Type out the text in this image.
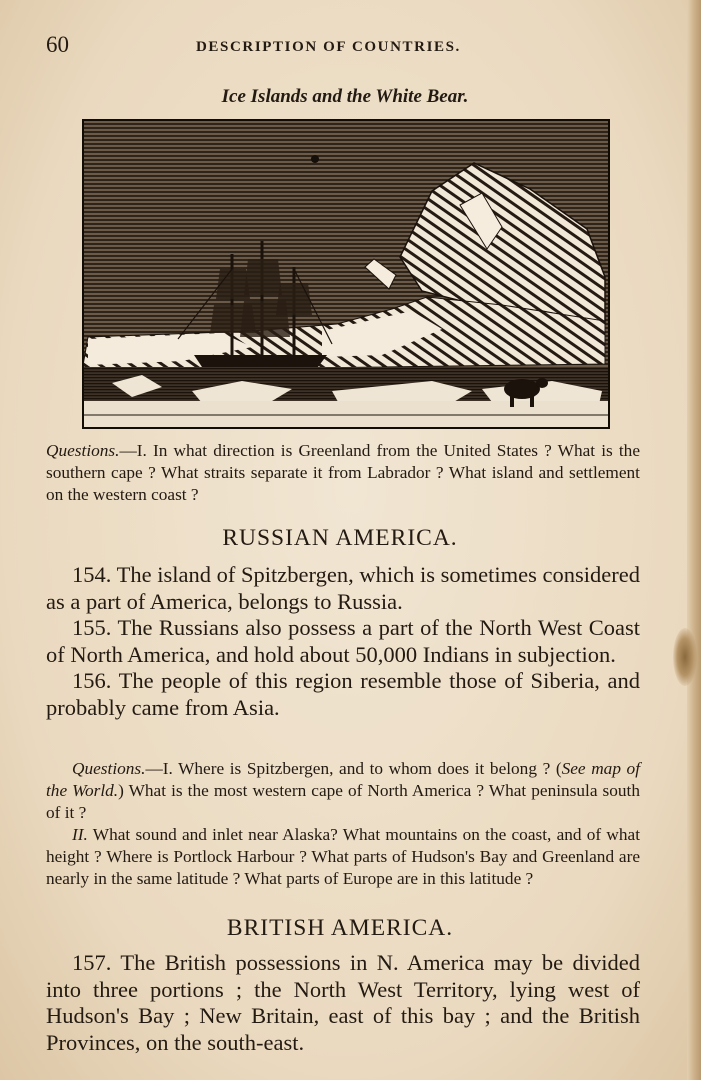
60	DESCRIPTION OF COUNTRIES.
Ice Islands and the White Bear.
Questions.—I. In what direction is Greenland from the United States ? What is the southern cape ? What straits separate it from Labrador ? What island and settlement on the western coast ?
RUSSIAN AMERICA.
154. The island of Spitzbergen, which is sometimes considered as a part of America, belongs to Russia.
155. The Russians also possess a part of the North West Coast of North America, and hold about 50,000 Indians in subjection.
156. The people of this region resemble those of Siberia, and probably came from Asia.
Questions.—I. Where is Spitzbergen, and to whom does it belong ? (See map of the World.) What is the most western cape of North America ? What peninsula south of it ?
II. What sound and inlet near Alaska? What mountains on the coast, and of what height ? Where is Portlock Harbour ? What parts of Hudson's Bay and Greenland are nearly in the same latitude ? What parts of Europe are in this latitude ?
BRITISH AMERICA.
157. The British possessions in N. America may be divided into three portions ; the North West Territory, lying west of Hudson's Bay ; New Britain, east of this bay ; and the British Provinces, on the south-east.
